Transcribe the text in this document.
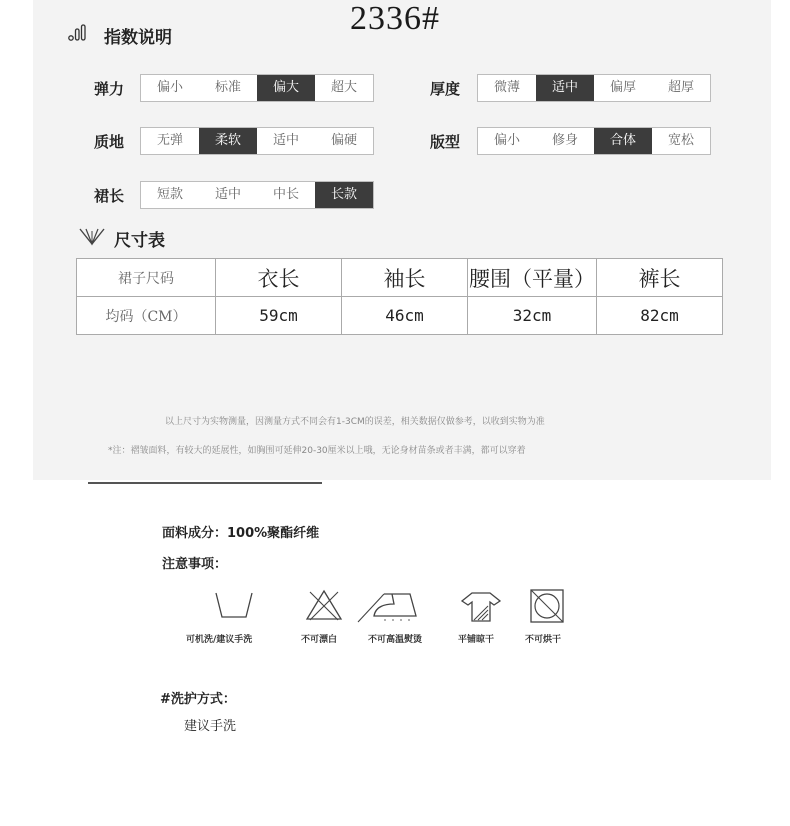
2336#
指数说明
弹力	偏小	标准	偏大	超大	厚度	微薄	适中	偏厚	超厚
质地	无弹	柔软	适中	偏硬	版型	偏小	修身	合体	宽松
裙长	短款	适中	中长	长款
尺寸表
裙子尺码	衣长	袖长	腰围（平量）	裤长
均码（CM）	59cm	46cm	32cm	82cm
以上尺寸为实物测量，因测量方式不同会有1-3CM的误差，相关数据仅做参考，以收到实物为准
*注：褶皱面料，有较大的延展性，如胸围可延伸20-30厘米以上哦，无论身材苗条或者丰满，都可以穿着
面料成分：100%聚酯纤维
注意事项：
可机洗/建议手洗	不可漂白	不可高温熨烫	平铺晾干	不可烘干
#洗护方式：
建议手洗
